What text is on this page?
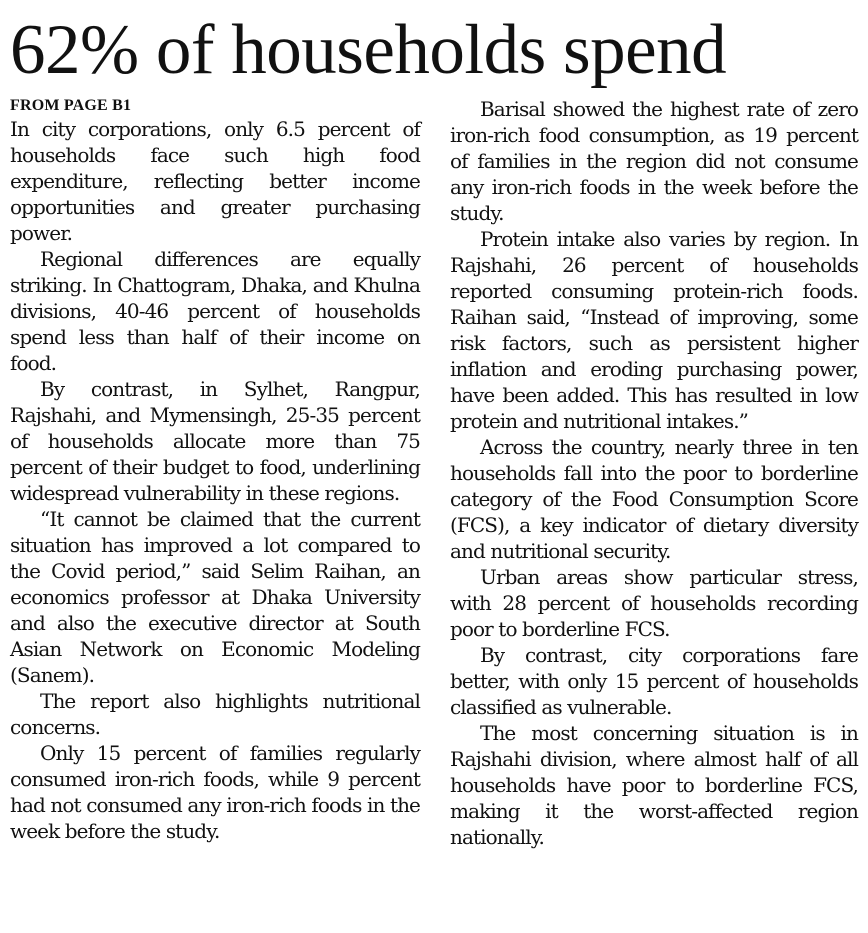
62% of households spend
FROM PAGE B1

In city corporations, only 6.5 percent of households face such high food expenditure, reflecting better income opportunities and greater purchasing power.

Regional differences are equally striking. In Chattogram, Dhaka, and Khulna divisions, 40-46 percent of households spend less than half of their income on food.

By contrast, in Sylhet, Rangpur, Rajshahi, and Mymensingh, 25-35 percent of households allocate more than 75 percent of their budget to food, underlining widespread vulnerability in these regions.

“It cannot be claimed that the current situation has improved a lot compared to the Covid period,” said Selim Raihan, an economics professor at Dhaka University and also the executive director at South Asian Network on Economic Modeling (Sanem).

The report also highlights nutritional concerns.

Only 15 percent of families regularly consumed iron-rich foods, while 9 percent had not consumed any iron-rich foods in the week before the study.

Barisal showed the highest rate of zero iron-rich food consumption, as 19 percent of families in the region did not consume any iron-rich foods in the week before the study.

Protein intake also varies by region. In Rajshahi, 26 percent of households reported consuming protein-rich foods. Raihan said, “Instead of improving, some risk factors, such as persistent higher inflation and eroding purchasing power, have been added. This has resulted in low protein and nutritional intakes.”

Across the country, nearly three in ten households fall into the poor to borderline category of the Food Consumption Score (FCS), a key indicator of dietary diversity and nutritional security.

Urban areas show particular stress, with 28 percent of households recording poor to borderline FCS.

By contrast, city corporations fare better, with only 15 percent of households classified as vulnerable.

The most concerning situation is in Rajshahi division, where almost half of all households have poor to borderline FCS, making it the worst-affected region nationally.
